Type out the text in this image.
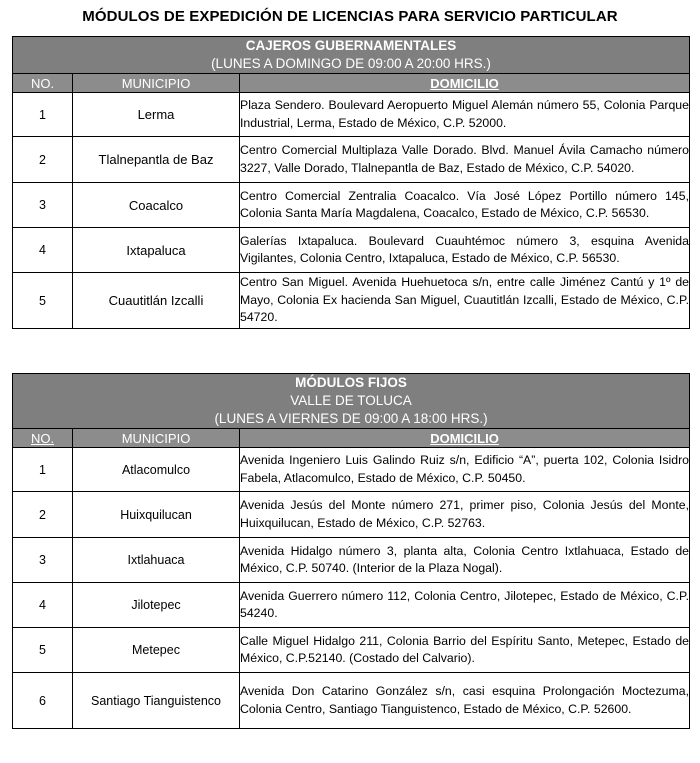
MÓDULOS DE EXPEDICIÓN DE LICENCIAS PARA SERVICIO PARTICULAR
CAJEROS GUBERNAMENTALES
(LUNES A DOMINGO DE 09:00 A 20:00 HRS.)		

NO.	MUNICIPIO	DOMICILIO
1	Lerma	Plaza Sendero. Boulevard Aeropuerto Miguel Alemán número 55, Colonia Parque Industrial, Lerma, Estado de México, C.P. 52000.
2	Tlalnepantla de Baz	Centro Comercial Multiplaza Valle Dorado. Blvd. Manuel Ávila Camacho número 3227, Valle Dorado, Tlalnepantla de Baz, Estado de México, C.P. 54020.
3	Coacalco	Centro Comercial Zentralia Coacalco. Vía José López Portillo número 145, Colonia Santa María Magdalena, Coacalco, Estado de México, C.P. 56530.
4	Ixtapaluca	Galerías Ixtapaluca. Boulevard Cuauhtémoc número 3, esquina Avenida Vigilantes, Colonia Centro, Ixtapaluca, Estado de México, C.P. 56530.
5	Cuautitlán Izcalli	Centro San Miguel. Avenida Huehuetoca s/n, entre calle Jiménez Cantú y 1º de Mayo, Colonia Ex hacienda San Miguel, Cuautitlán Izcalli, Estado de México, C.P. 54720.
MÓDULOS FIJOS
VALLE DE TOLUCA
(LUNES A VIERNES DE 09:00 A 18:00 HRS.)		

NO.	MUNICIPIO	DOMICILIO
1	Atlacomulco	Avenida Ingeniero Luis Galindo Ruiz s/n, Edificio “A”, puerta 102, Colonia Isidro Fabela, Atlacomulco, Estado de México, C.P. 50450.
2	Huixquilucan	Avenida Jesús del Monte número 271, primer piso, Colonia Jesús del Monte, Huixquilucan, Estado de México, C.P. 52763.
3	Ixtlahuaca	Avenida Hidalgo número 3, planta alta, Colonia Centro Ixtlahuaca, Estado de México, C.P. 50740. (Interior de la Plaza Nogal).
4	Jilotepec	Avenida Guerrero número 112, Colonia Centro, Jilotepec, Estado de México, C.P. 54240.
5	Metepec	Calle Miguel Hidalgo 211, Colonia Barrio del Espíritu Santo, Metepec, Estado de México, C.P.52140. (Costado del Calvario).
6	Santiago Tianguistenco	Avenida Don Catarino González s/n, casi esquina Prolongación Moctezuma, Colonia Centro, Santiago Tianguistenco, Estado de México, C.P. 52600.
